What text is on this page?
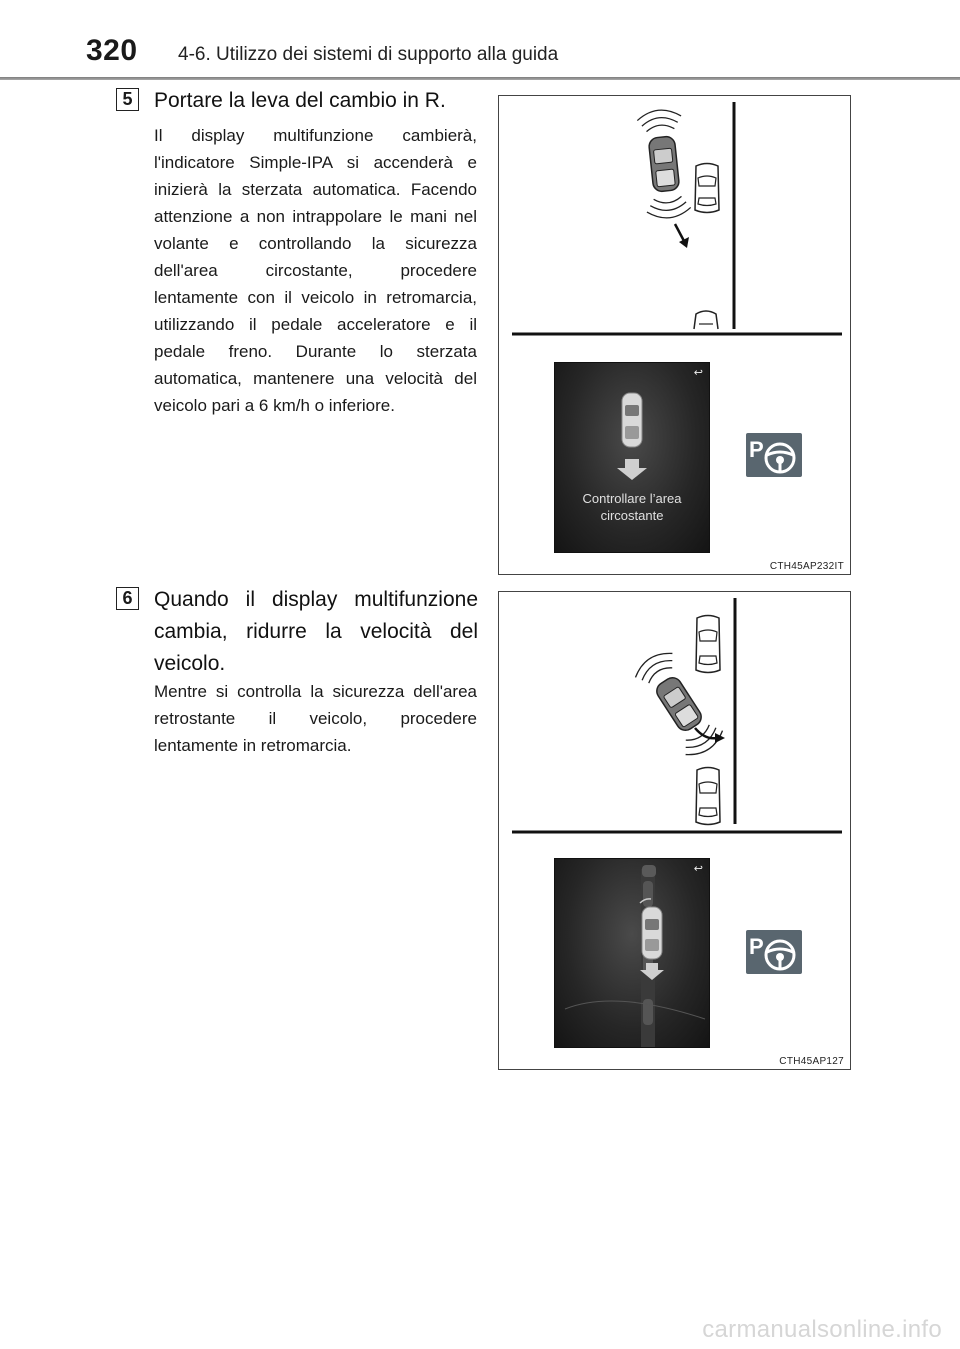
320 4-6. Utilizzo dei sistemi di supporto alla guida
5	Portare la leva del cambio in R.
Il display multifunzione cambierà, l'indicatore Simple-IPA si accenderà e inizierà la sterzata automatica. Facendo attenzione a non intrappolare le mani nel volante e controllando la sicurezza dell'area circostante, procedere lentamente con il veicolo in retromarcia, utilizzando il pedale acceleratore e il pedale freno. Durante lo sterzata automatica, mantenere una velocità del veicolo pari a 6 km/h o inferiore.
↩
Controllare l’area circostante
P
CTH45AP232IT
6	Quando il display multifunzione cambia, ridurre la velocità del veicolo.
Mentre si controlla la sicurezza dell'area retrostante il veicolo, procedere lentamente in retromarcia.
↩
P
CTH45AP127
carmanualsonline.info
